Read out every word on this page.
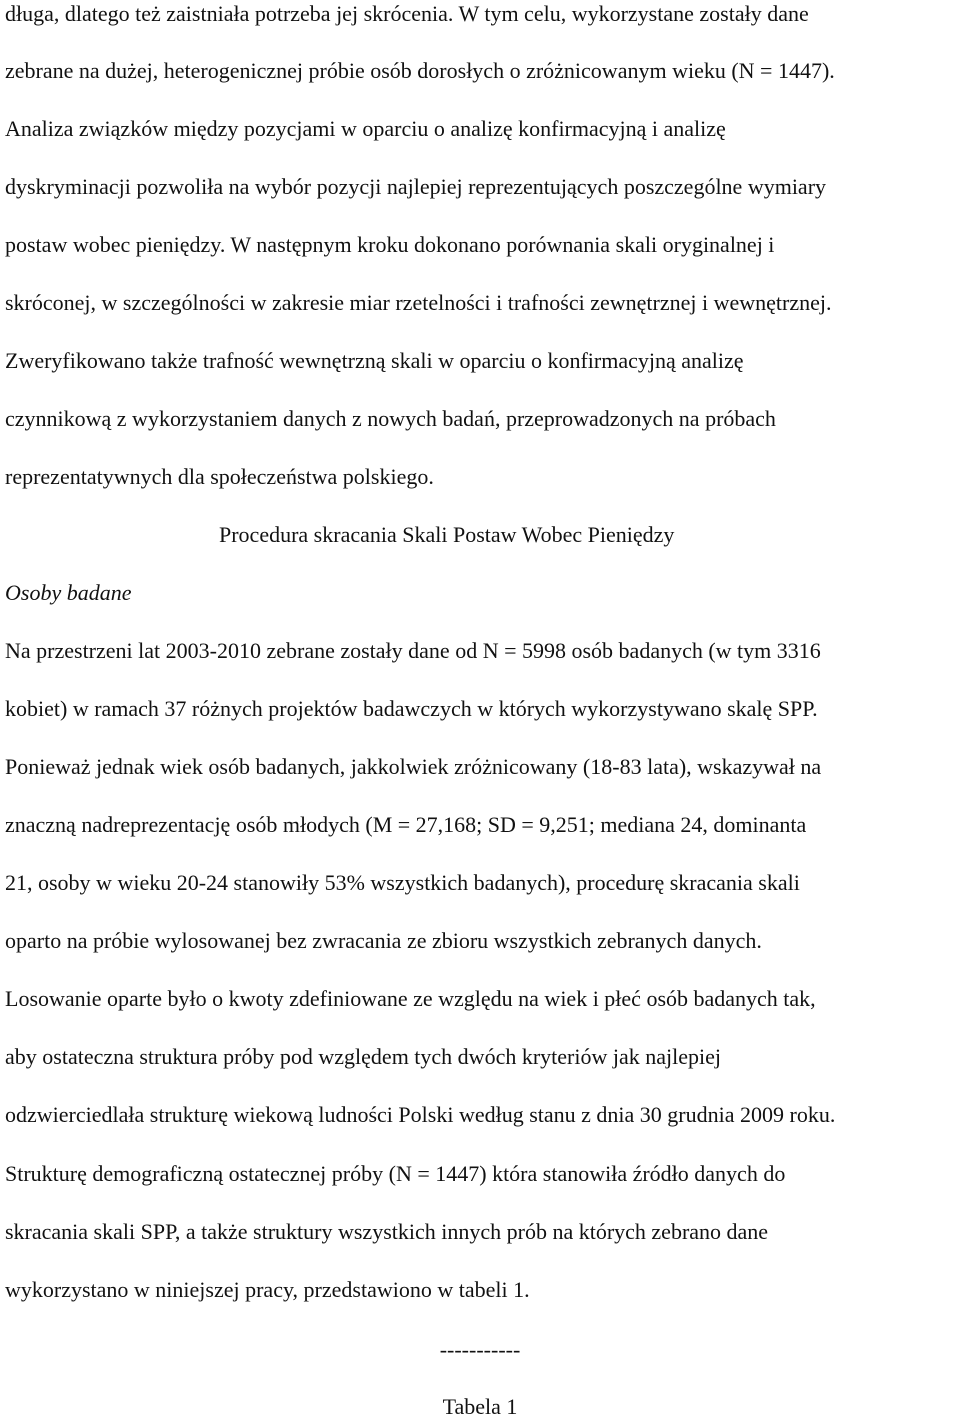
długa, dlatego też zaistniała potrzeba jej skrócenia. W tym celu, wykorzystane zostały dane
zebrane na dużej, heterogenicznej próbie osób dorosłych o zróżnicowanym wieku (N = 1447).
Analiza związków między pozycjami w oparciu o analizę konfirmacyjną i analizę
dyskryminacji pozwoliła na wybór pozycji najlepiej reprezentujących poszczególne wymiary
postaw wobec pieniędzy. W następnym kroku dokonano porównania skali oryginalnej i
skróconej, w szczególności w zakresie miar rzetelności i trafności zewnętrznej i wewnętrznej.
Zweryfikowano także trafność wewnętrzną skali w oparciu o konfirmacyjną analizę
czynnikową z wykorzystaniem danych z nowych badań, przeprowadzonych na próbach
reprezentatywnych dla społeczeństwa polskiego.
Procedura skracania Skali Postaw Wobec Pieniędzy
Osoby badane
Na przestrzeni lat 2003-2010 zebrane zostały dane od N = 5998 osób badanych (w tym 3316
kobiet) w ramach 37 różnych projektów badawczych w których wykorzystywano skalę SPP.
Ponieważ jednak wiek osób badanych, jakkolwiek zróżnicowany (18-83 lata), wskazywał na
znaczną nadreprezentację osób młodych (M = 27,168; SD = 9,251; mediana 24, dominanta
21, osoby w wieku 20-24 stanowiły 53% wszystkich badanych), procedurę skracania skali
oparto na próbie wylosowanej bez zwracania ze zbioru wszystkich zebranych danych.
Losowanie oparte było o kwoty zdefiniowane ze względu na wiek i płeć osób badanych tak,
aby ostateczna struktura próby pod względem tych dwóch kryteriów jak najlepiej
odzwierciedlała strukturę wiekową ludności Polski według stanu z dnia 30 grudnia 2009 roku.
Strukturę demograficzną ostatecznej próby (N = 1447) która stanowiła źródło danych do
skracania skali SPP, a także struktury wszystkich innych prób na których zebrano dane
wykorzystano w niniejszej pracy, przedstawiono w tabeli 1.
-----------
Tabela 1
